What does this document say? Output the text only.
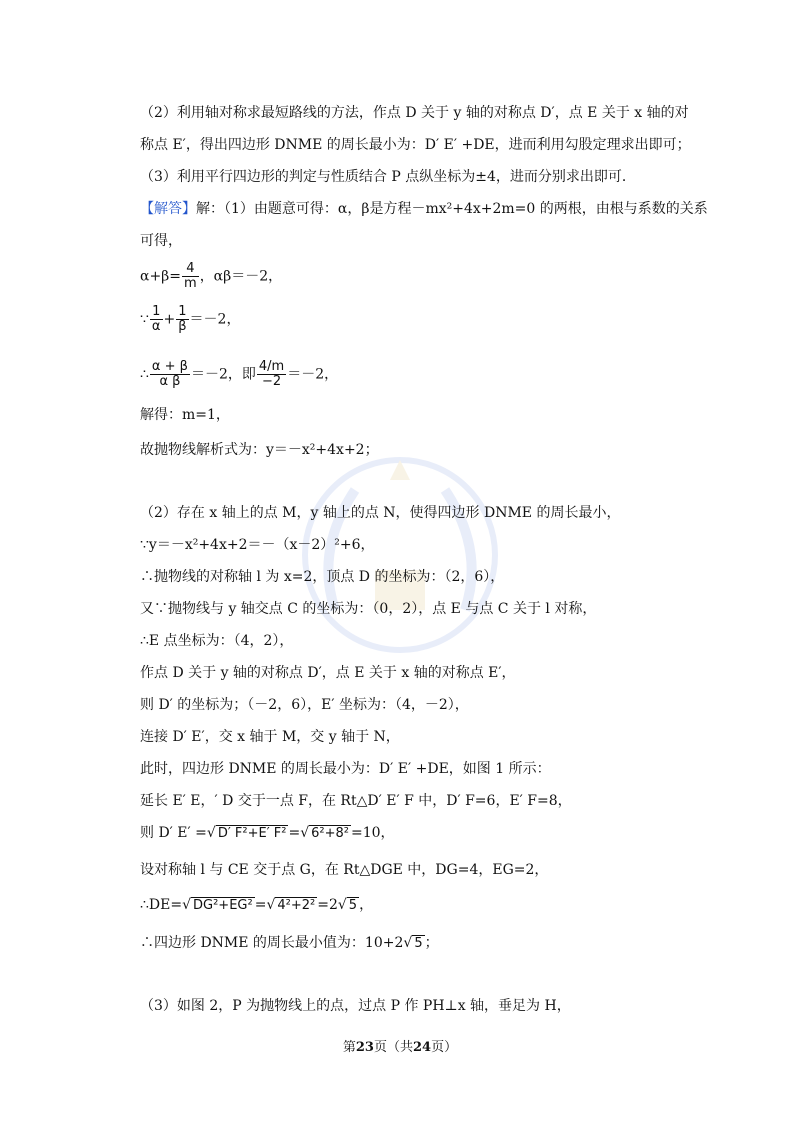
（2）利用轴对称求最短路线的方法，作点 D 关于 y 轴的对称点 D′，点 E 关于 x 轴的对
称点 E′，得出四边形 DNME 的周长最小为：D′ E′ +DE，进而利用勾股定理求出即可；
（3）利用平行四边形的判定与性质结合 P 点纵坐标为±4，进而分别求出即可．
【解答】解：（1）由题意可得：α，β是方程－mx²+4x+2m=0 的两根，由根与系数的关系
可得，
$\alpha+\beta= \frac{4}{m}$ ，αβ＝－2，
∵ $\frac{1}{\alpha} + \frac{1}{\beta} =-2$，
∴ $\frac{\alpha + \beta}{\text{α β}} =-2$，即 $\frac{4/m}{-2} =-2$，
解得：m=1，
故抛物线解析式为：y＝－x²+4x+2；
（2）存在 x 轴上的点 M，y 轴上的点 N，使得四边形 DNME 的周长最小，
∵y＝－x²+4x+2＝－（x－2）²+6，
∴抛物线的对称轴 l 为 x=2，顶点 D 的坐标为：（2，6），
又∵抛物线与 y 轴交点 C 的坐标为：（0，2），点 E 与点 C 关于 l 对称，
∴E 点坐标为：（4，2），
作点 D 关于 y 轴的对称点 D′，点 E 关于 x 轴的对称点 E′，
则 D′ 的坐标为；（－2，6），E′ 坐标为：（4，－2），
连接 D′ E′，交 x 轴于 M，交 y 轴于 N，
此时，四边形 DNME 的周长最小为：D′ E′ +DE，如图 1 所示：
延长 E′ E，′ D 交于一点 F，在 Rt△D′ E′ F 中，D′ F=6，E′ F=8，
则 D′ E′ =√ D′ F²+E′ F² =√ 6²+8² =10，
设对称轴 l 与 CE 交于点 G，在 Rt△DGE 中，DG=4，EG=2，
∴DE=√ DG²+EG² =√ 4²+2² =2√ 5 ，
∴四边形 DNME 的周长最小值为：10+2√ 5 ；
（3）如图 2，P 为抛物线上的点，过点 P 作 PH⊥x 轴，垂足为 H，
第23页（共24页）
